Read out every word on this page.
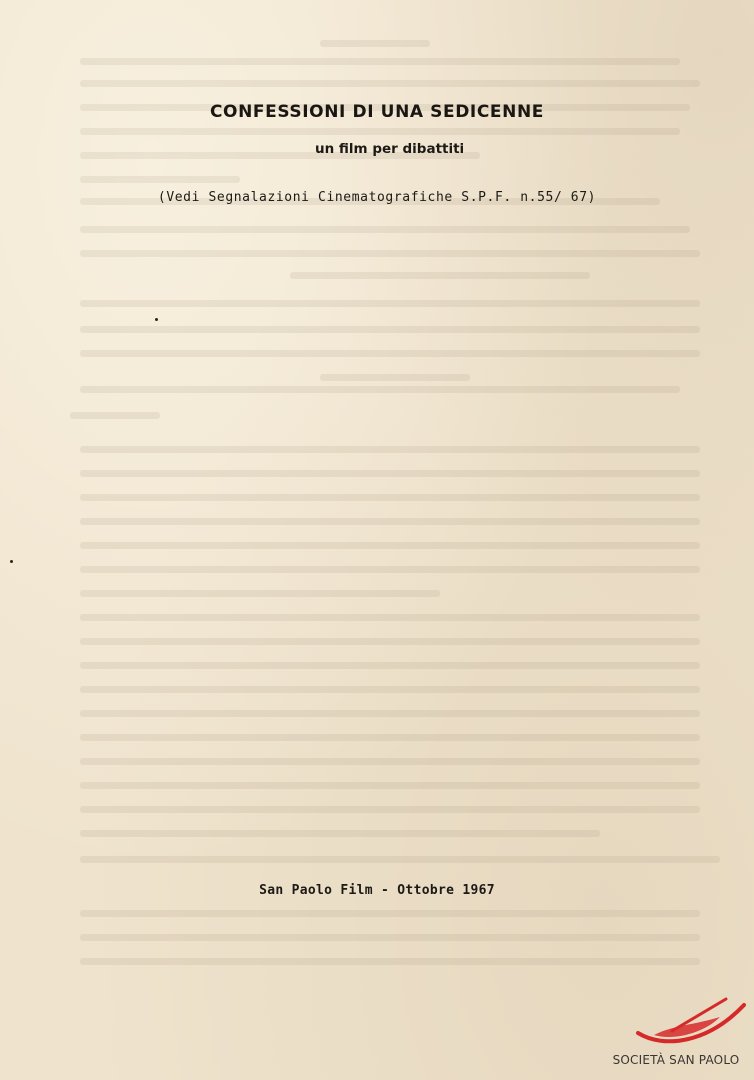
CONFESSIONI DI UNA SEDICENNE
un film per dibattiti
(Vedi Segnalazioni Cinematografiche S.P.F. n.55/ 67)
San Paolo Film - Ottobre 1967
SOCIETÀ SAN PAOLO
